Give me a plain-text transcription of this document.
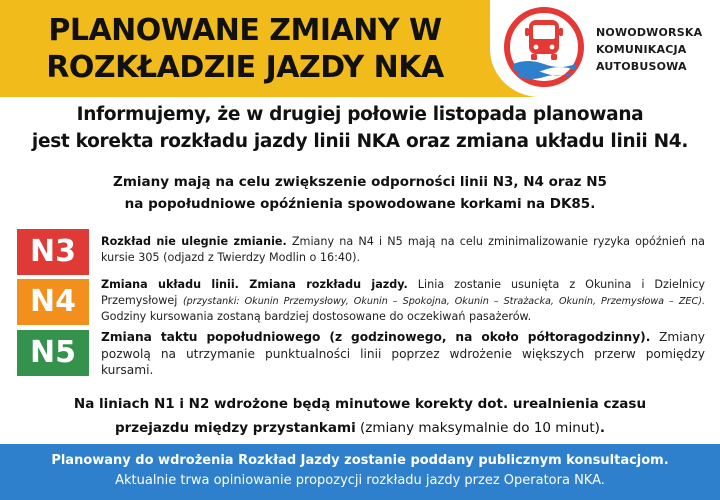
PLANOWANE ZMIANY W
ROZKŁADZIE JAZDY NKA
NOWODWORSKA
KOMUNIKACJA
AUTOBUSOWA
Informujemy, że w drugiej połowie listopada planowana
jest korekta rozkładu jazdy linii NKA oraz zmiana układu linii N4.
Zmiany mają na celu zwiększenie odporności linii N3, N4 oraz N5
na popołudniowe opóźnienia spowodowane korkami na DK85.
N3	Rozkład nie ulegnie zmianie. Zmiany na N4 i N5 mają na celu zminimalizowanie ryzyka opóźnień na kursie 305 (odjazd z Twierdzy Modlin o 16:40).
N4	Zmiana układu linii. Zmiana rozkładu jazdy. Linia zostanie usunięta z Okunina i Dzielnicy Przemysłowej (przystanki: Okunin Przemysłowy, Okunin – Spokojna, Okunin – Strażacka, Okunin, Przemysłowa – ZEC). Godziny kursowania zostaną bardziej dostosowane do oczekiwań pasażerów.
N5	Zmiana taktu popołudniowego (z godzinowego, na około półtoragodzinny). Zmiany pozwolą na utrzymanie punktualności linii poprzez wdrożenie większych przerw pomiędzy kursami.
Na liniach N1 i N2 wdrożone będą minutowe korekty dot. urealnienia czasu
przejazdu między przystankami (zmiany maksymalnie do 10 minut).
Planowany do wdrożenia Rozkład Jazdy zostanie poddany publicznym konsultacjom.
Aktualnie trwa opiniowanie propozycji rozkładu jazdy przez Operatora NKA.
